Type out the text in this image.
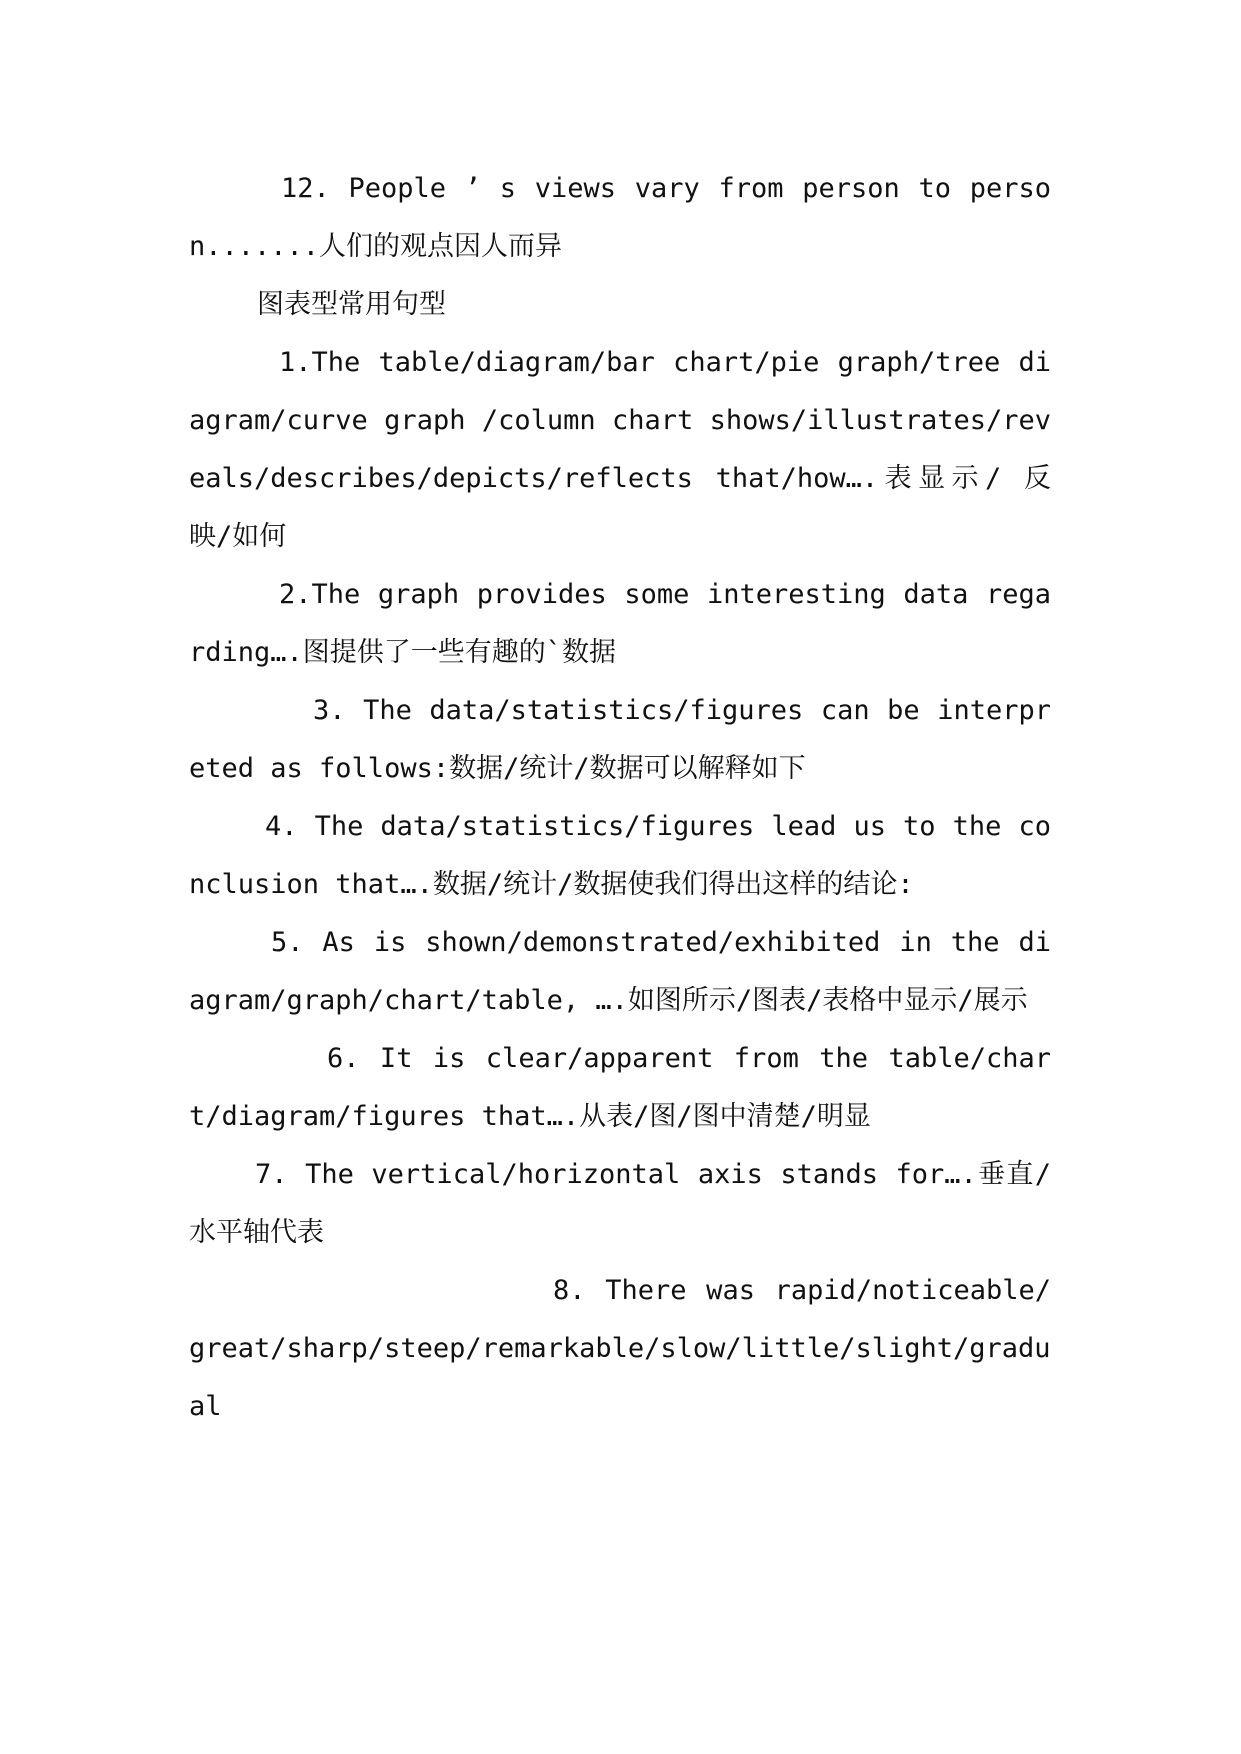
12. People ’ s views vary from person to person.......人们的观点因人而异

图表型常用句型

1.The table/diagram/bar chart/pie graph/tree diagram/curve graph /column chart shows/illustrates/reveals/describes/depicts/reflects that/how….表显示/ 反映/如何

2.The graph provides some interesting data regarding….图提供了一些有趣的`数据

3. The data/statistics/figures can be interpreted as follows:数据/统计/数据可以解释如下

4. The data/statistics/figures lead us to the conclusion that….数据/统计/数据使我们得出这样的结论:

5. As is shown/demonstrated/exhibited in the diagram/graph/chart/table, ….如图所示/图表/表格中显示/展示

6. It is clear/apparent from the table/chart/diagram/figures that….从表/图/图中清楚/明显

7. The vertical/horizontal axis stands for….垂直/水平轴代表

8. There was rapid/noticeable/great/sharp/steep/remarkable/slow/little/slight/gradual
